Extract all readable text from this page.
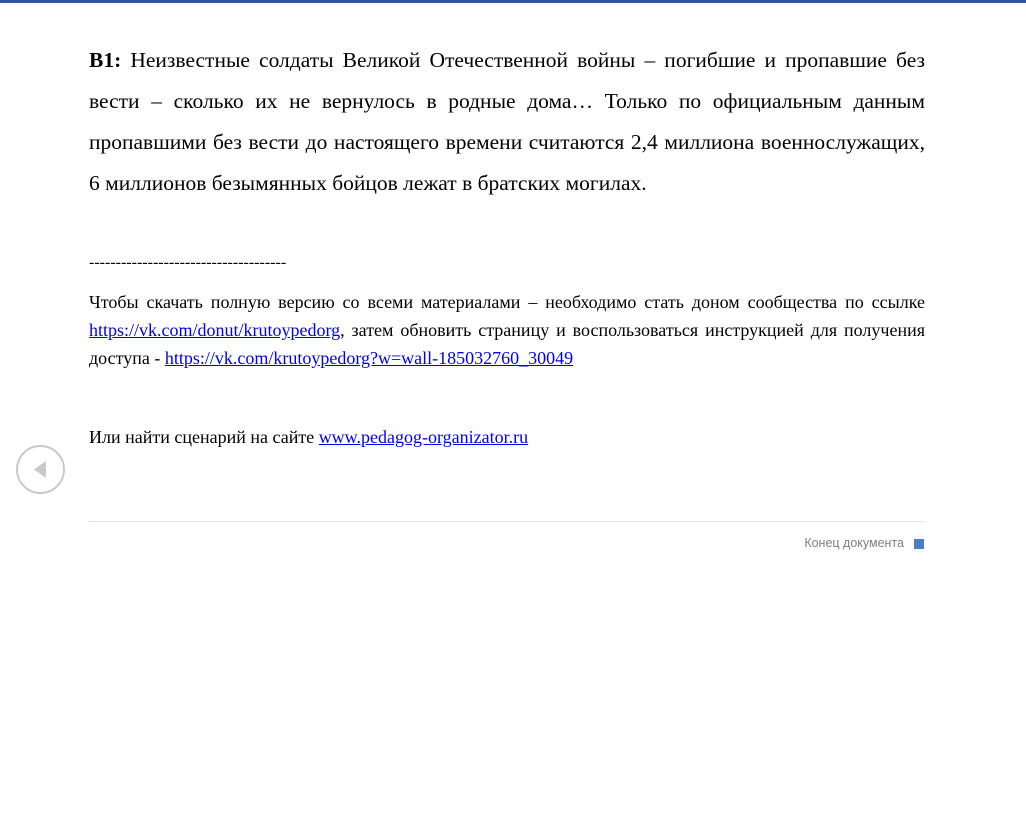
В1: Неизвестные солдаты Великой Отечественной войны – погибшие и пропавшие без вести – сколько их не вернулось в родные дома… Только по официальным данным пропавшими без вести до настоящего времени считаются 2,4 миллиона военнослужащих, 6 миллионов безымянных бойцов лежат в братских могилах.

-------------------------------------

Чтобы скачать полную версию со всеми материалами – необходимо стать доном сообщества по ссылке https://vk.com/donut/krutoypedorg, затем обновить страницу и воспользоваться инструкцией для получения доступа - https://vk.com/krutoypedorg?w=wall-185032760_30049

Или найти сценарий на сайте www.pedagog-organizator.ru

Конец документа
